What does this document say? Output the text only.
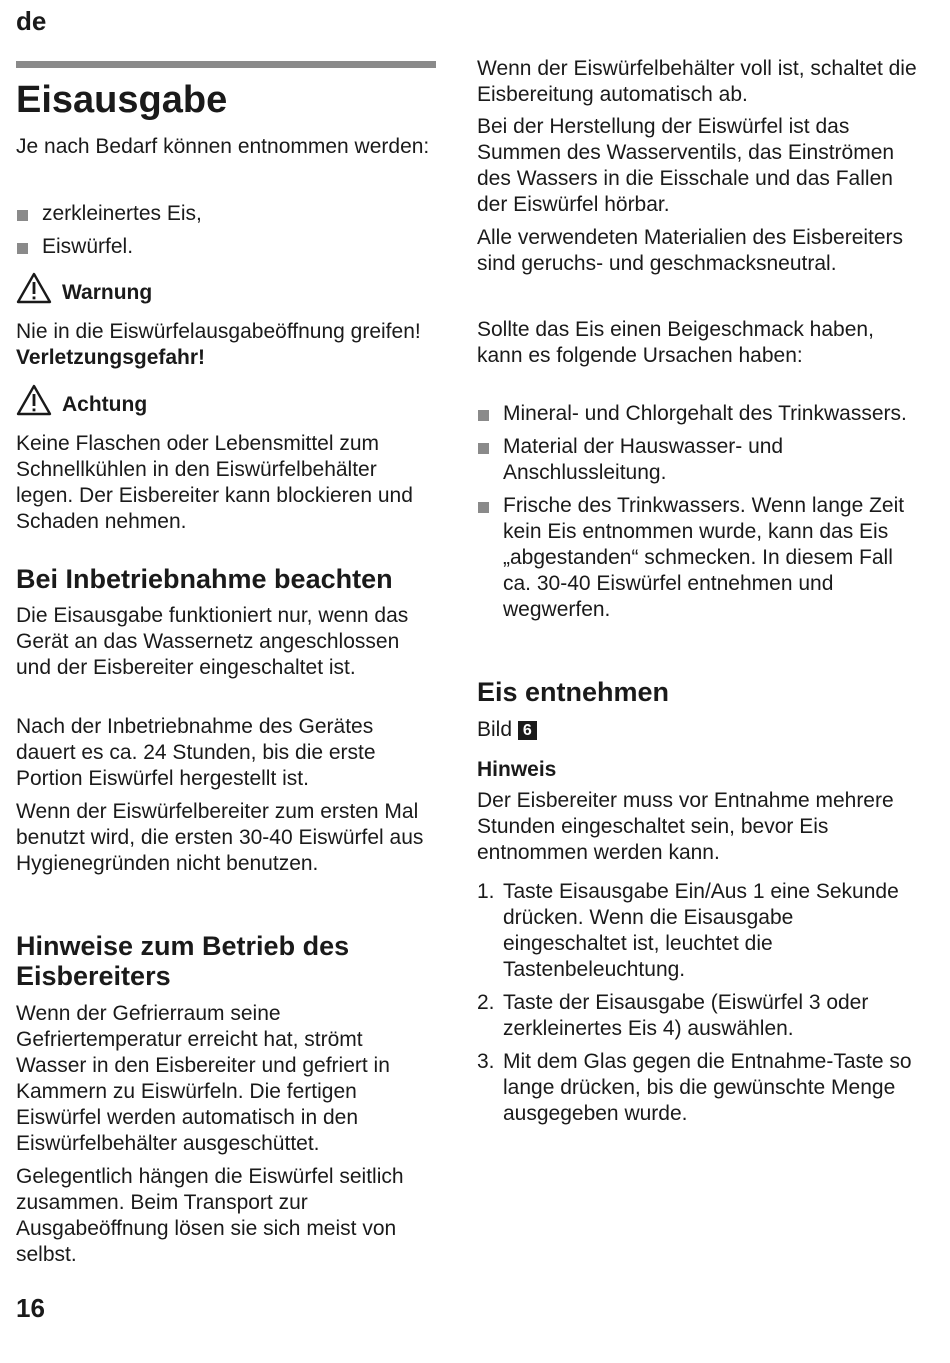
de
Eisausgabe

Je nach Bedarf können entnommen werden:

zerkleinertes Eis,
Eiswürfel.
Warnung

Nie in die Eiswürfelausgabeöffnung greifen! Verletzungsgefahr!

Achtung

Keine Flaschen oder Lebensmittel zum Schnellkühlen in den Eiswürfelbehälter legen. Der Eisbereiter kann blockieren und Schaden nehmen.

Bei Inbetriebnahme beachten

Die Eisausgabe funktioniert nur, wenn das Gerät an das Wassernetz angeschlossen und der Eisbereiter eingeschaltet ist.

Nach der Inbetriebnahme des Gerätes dauert es ca. 24 Stunden, bis die erste Portion Eiswürfel hergestellt ist.

Wenn der Eiswürfelbereiter zum ersten Mal benutzt wird, die ersten 30-40 Eiswürfel aus Hygienegründen nicht benutzen.

Hinweise zum Betrieb des Eisbereiters

Wenn der Gefrierraum seine Gefriertemperatur erreicht hat, strömt Wasser in den Eisbereiter und gefriert in Kammern zu Eiswürfeln. Die fertigen Eiswürfel werden automatisch in den Eiswürfelbehälter ausgeschüttet.

Gelegentlich hängen die Eiswürfel seitlich zusammen. Beim Transport zur Ausgabeöffnung lösen sie sich meist von selbst.

Wenn der Eiswürfelbehälter voll ist, schaltet die Eisbereitung automatisch ab.

Bei der Herstellung der Eiswürfel ist das Summen des Wasserventils, das Einströmen des Wassers in die Eisschale und das Fallen der Eiswürfel hörbar.

Alle verwendeten Materialien des Eisbereiters sind geruchs- und geschmacksneutral.

Sollte das Eis einen Beigeschmack haben, kann es folgende Ursachen haben:

Mineral- und Chlorgehalt des Trinkwassers.
Material der Hauswasser- und Anschlussleitung.
Frische des Trinkwassers. Wenn lange Zeit kein Eis entnommen wurde, kann das Eis „abgestanden“ schmecken. In diesem Fall ca. 30-40 Eiswürfel entnehmen und wegwerfen.
Eis entnehmen

Bild 6

Hinweis

Der Eisbereiter muss vor Entnahme mehrere Stunden eingeschaltet sein, bevor Eis entnommen werden kann.

1. Taste Eisausgabe Ein/Aus 1 eine Sekunde drücken. Wenn die Eisausgabe eingeschaltet ist, leuchtet die Tastenbeleuchtung.
2. Taste der Eisausgabe (Eiswürfel 3 oder zerkleinertes Eis 4) auswählen.
3. Mit dem Glas gegen die Entnahme-Taste so lange drücken, bis die gewünschte Menge ausgegeben wurde.
16
